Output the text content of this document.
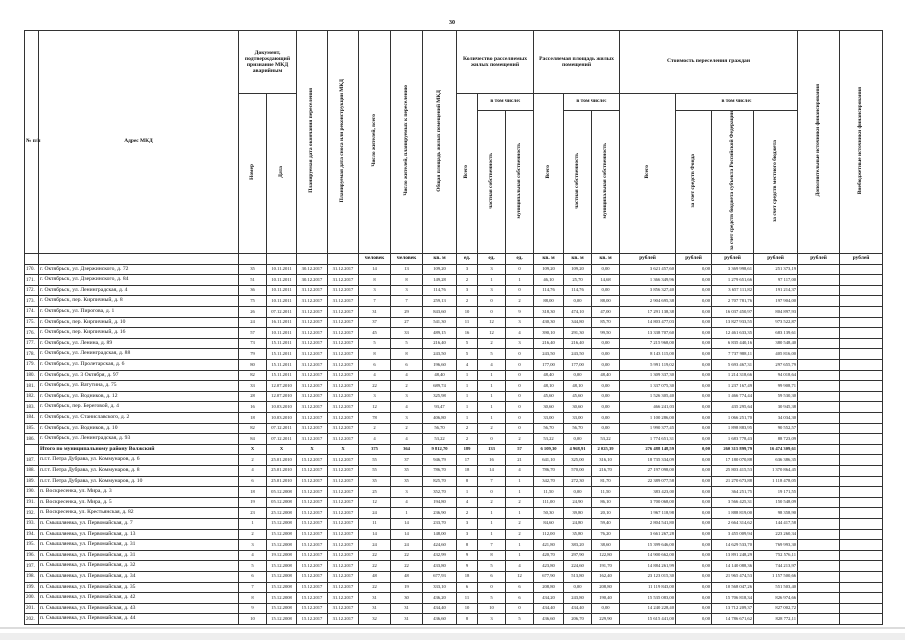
30
№ п/п	Адрес МКД	Документ, подтверждающий признание МКД аварийным		Планируемая дата окончания переселения	Планируемая дата сноса или реконструкции МКД	Число жителей, всего	Число жителей, планируемых к переселению	Общая площадь жилых помещений МКД	Количество расселяемых жилых помещений			Расселяемая площадь жилых помещений			Стоимость переселения граждан				Дополнительные источники финансирования	Внебюджетные источники финансирования
		Номер	Дата						Всего	в том числе:		Всего	в том числе:		Всего	в том числе:				
										частная собственность	муниципальная собственность		частная собственность	муниципальная собственность		за счет средств Фонда	за счет средств бюджета субъекта Российской Федерации	за счет средств местного бюджета		
						человек	человек	кв. м	ед.	ед.	ед.	кв. м	кв. м	кв. м	рублей	рублей	рублей	рублей	рублей	рублей
170.	г. Октябрьск, ул. Дзержинского, д. 72	35	10.11.2011	30.12.2017	31.12.2017	14	13	109,20	3	3	0	109,20	109,20	0,00	3 621 457,60	0,00	3 369 998,61	251 373,19		
171.	г. Октябрьск, ул. Дзержинского, д. 84	51	10.11.2011	30.12.2017	31.12.2017	8	8	149,28	2	1	1	46,10	25,70	14,68	1 366 349,96	0,00	1 279 651,66	97 117,00		
172.	г. Октябрьск, ул. Ленинградская, д. 4	36	10.11.2011	31.12.2017	31.12.2017	3	3	114,76	3	3	0	114,76	114,76	0,00	3 856 327,40	0,00	3 657 111,82	191 214,37		
173.	г. Октябрьск, пер. Кирпичный, д. 8	75	10.11.2011	31.12.2017	31.12.2017	7	7	259,13	2	0	2	88,00	0,00	88,00	2 904 695,38	0,00	2 707 781,76	197 904,00		
174.	г. Октябрьск, ул. Пирогова, д. 1	26	07.12.2011	31.12.2017	31.12.2017	31	29	843,60	10	0	9	318,30	474,10	47,00	17 291 138,38	0,00	16 037 450,97	804 897,93		
175.	г. Октябрьск, пер. Кирпичный, д. 10	24	16.11.2011	31.12.2017	31.12.2017	37	27	541,30	11	12	3	430,30	344,80	85,70	14 803 477,03	0,00	13 827 933,55	973 522,87		
176.	г. Октябрьск, пер. Кирпичный, д. 16	57	10.11.2011	31.12.2017	31.12.2017	45	33	489,15	16	12	4	390,10	291,30	99,50	13 338 707,60	0,00	12 461 633,35	683 139,61		
177.	г. Октябрьск, ул. Ленина, д. 89	73	15.11.2011	31.12.2017	31.12.2017	5	5	216,40	5	2	3	216,40	216,40	0,00	7 215 968,00	0,00	6 835 440,16	380 548,40		
178.	г. Октябрьск, ул. Ленинградская, д. 88	79	15.11.2011	31.12.2017	31.12.2017	8	8	243,50	5	5	0	243,50	243,50	0,00	8 143 115,00	0,00	7 737 988,11	405 816,00		
179.	г. Октябрьск, ул. Пролетарская, д. 6	80	15.11.2011	31.12.2017	31.12.2017	6	6	196,60	4	4	0	177,00	177,00	0,00	5 991 119,02	0,00	5 693 467,31	297 655,79		
180.	г. Октябрьск, ул. 3 Октября, д. 97	82	15.11.2011	31.12.2017	31.12.2017	4	4	48,40	1	1	0	48,40	0,00	48,40	1 309 337,30	0,00	1 214 318,66	94 018,64		
181.	г. Октябрьск, ул. Ватутина, д. 75	33	12.07.2010	31.12.2017	31.12.2017	22	2	689,74	1	1	0	48,10	48,10	0,00	1 337 075,30	0,00	1 237 167,49	99 908,71		
182.	г. Октябрьск, ул. Водников, д. 12	28	12.07.2010	31.12.2017	31.12.2017	3	3	325,98	1	1	0	45,60	45,60	0,00	1 526 305,40	0,00	1 466 774,44	59 530,30		
183.	г. Октябрьск, пер. Береговой, д. 4	16	10.03.2010	31.12.2017	31.12.2017	12	4	93,47	1	1	0	30,60	30,60	0,00	466 241,03	0,00	435 295,64	30 945,38		
184.	г. Октябрьск, ул. Станиславского, д. 2	18	10.03.2010	31.12.2017	31.12.2017	78	3	406,80	1	1	0	33,00	33,00	0,00	1 100 286,00	0,00	1 066 251,70	34 034,30		
185.	г. Октябрьск, ул. Водников, д. 10	82	07.12.2011	31.12.2017	31.12.2017	2	2	56,70	2	2	0	56,70	56,70	0,00	1 990 377,45	0,00	1 898 883,95	90 552,57		
186.	г. Октябрьск, ул. Ленинградская, д. 93	84	07.12.2011	31.12.2017	31.12.2017	4	4	53,22	2	0	2	53,22	0,00	53,22	1 774 651,31	0,00	1 683 778,43	88 723,09		
	Итого по муниципальному району Волжский	X	X	X	X	375	364	9 812,70	189	133	57	6 109,30	4 968,91	2 025,39	276 488 148,59	0,00	260 315 899,79	16 474 309,61		
187.	п.г.т. Петра Дубрава, ул. Коммунаров, д. 6	2	25.01.2010	15.12.2017	31.12.2017	55	37	946,79	17	16	21	641,10	325,00	316,10	18 735 334,09	0,00	17 180 070,88	636 386,35		
188.	п.г.т. Петра Дубрава, ул. Коммунаров, д. 8	4	25.01.2010	15.12.2017	31.12.2017	55	35	786,70	18	14	4	786,70	570,00	216,70	27 197 098,00	0,00	25 803 415,53	1 370 864,45		
189.	п.г.т. Петра Дубрава, ул. Коммунаров, д. 10	6	25.01.2010	15.12.2017	31.12.2017	35	35	825,70	8	7	1	342,70	272,30	81,70	22 389 077,58	0,00	21 270 673,88	1 118 478,05		
190.	п. Воскресенка, ул. Мира, д. 3	18	05.12.2008	15.12.2017	31.12.2017	25	3	352,70	1	0	1	11,50	0,00	11,50	383 423,00	0,00	364 251,75	19 171,55		
191.	п. Воскресенка, ул. Мира, д. 5	19	05.12.2008	15.12.2017	31.12.2017	12	4	194,80	4	2	2	111,00	24,90	86,10	3 700 068,00	0,00	3 566 425,31	150 548,09		
192.	п. Воскресенка, ул. Крестьянская, д. 82	23	25.12.2008	15.12.2017	31.12.2017	24	1	236,90	2	1	1	50,30	39,80	20,10	1 967 118,98	0,00	1 888 819,00	98 358,90		
193.	п. Смышляевка, ул. Первомайская, д. 7	1	15.12.2008	15.12.2017	31.12.2017	11	14	233,70	3	1	2	84,60	24,80	59,40	2 804 541,80	0,00	2 664 314,62	144 417,58		
194.	п. Смышляевка, ул. Первомайская, д. 13	2	15.12.2008	15.12.2017	31.12.2017	14	14	148,00	3	1	2	112,00	35,80	76,20	3 661 267,28	0,00	3 455 009,94	223 260,34		
195.	п. Смышляевка, ул. Первомайская, д. 31	3	15.12.2008	15.12.2017	31.12.2017	24	24	424,60	8	7	1	421,80	383,20	38,60	15 399 646,00	0,00	14 629 533,70	769 993,30		
196.	п. Смышляевка, ул. Первомайская, д. 31	4	19.12.2008	15.12.2017	31.12.2017	22	22	432,99	9	8	1	420,70	297,90	122,80	14 900 662,00	0,00	13 891 248,29	752 576,11		
197.	п. Смышляевка, ул. Первомайская, д. 32	5	15.12.2008	15.12.2017	31.12.2017	22	22	433,80	9	5	4	423,80	224,60	191,70	14 884 261,99	0,00	14 140 088,36	744 213,97		
198.	п. Смышляевка, ул. Первомайская, д. 34	6	15.12.2008	15.12.2017	31.12.2017	48	48	677,93	18	6	12	677,90	513,80	162,40	23 123 015,30	0,00	21 965 474,53	1 157 500,66		
199.	п. Смышляевка, ул. Первомайская, д. 35	7	15.12.2008	15.12.2017	31.12.2017	22	19	333,10	6	0	6	208,80	0,00	208,80	11 119 843,00	0,00	10 568 047,26	551 503,40		
200.	п. Смышляевка, ул. Первомайская, д. 42	8	15.12.2008	15.12.2017	31.12.2017	31	30	436,20	11	5	6	434,20	243,80	190,40	15 535 083,00	0,00	15 706 818,34	826 974,66		
201.	п. Смышляевка, ул. Первомайская, д. 43	9	15.12.2008	15.12.2017	31.12.2017	31	31	434,40	10	10	0	434,40	434,40	0,00	14 240 228,40	0,00	13 712 209,37	827 002,72		
202.	п. Смышляевка, ул. Первомайская, д. 44	10	15.12.2008	15.12.2017	31.12.2017	32	31	436,60	8	3	5	436,60	206,70	229,90	15 615 441,00	0,00	14 786 671,62	828 772,11		
